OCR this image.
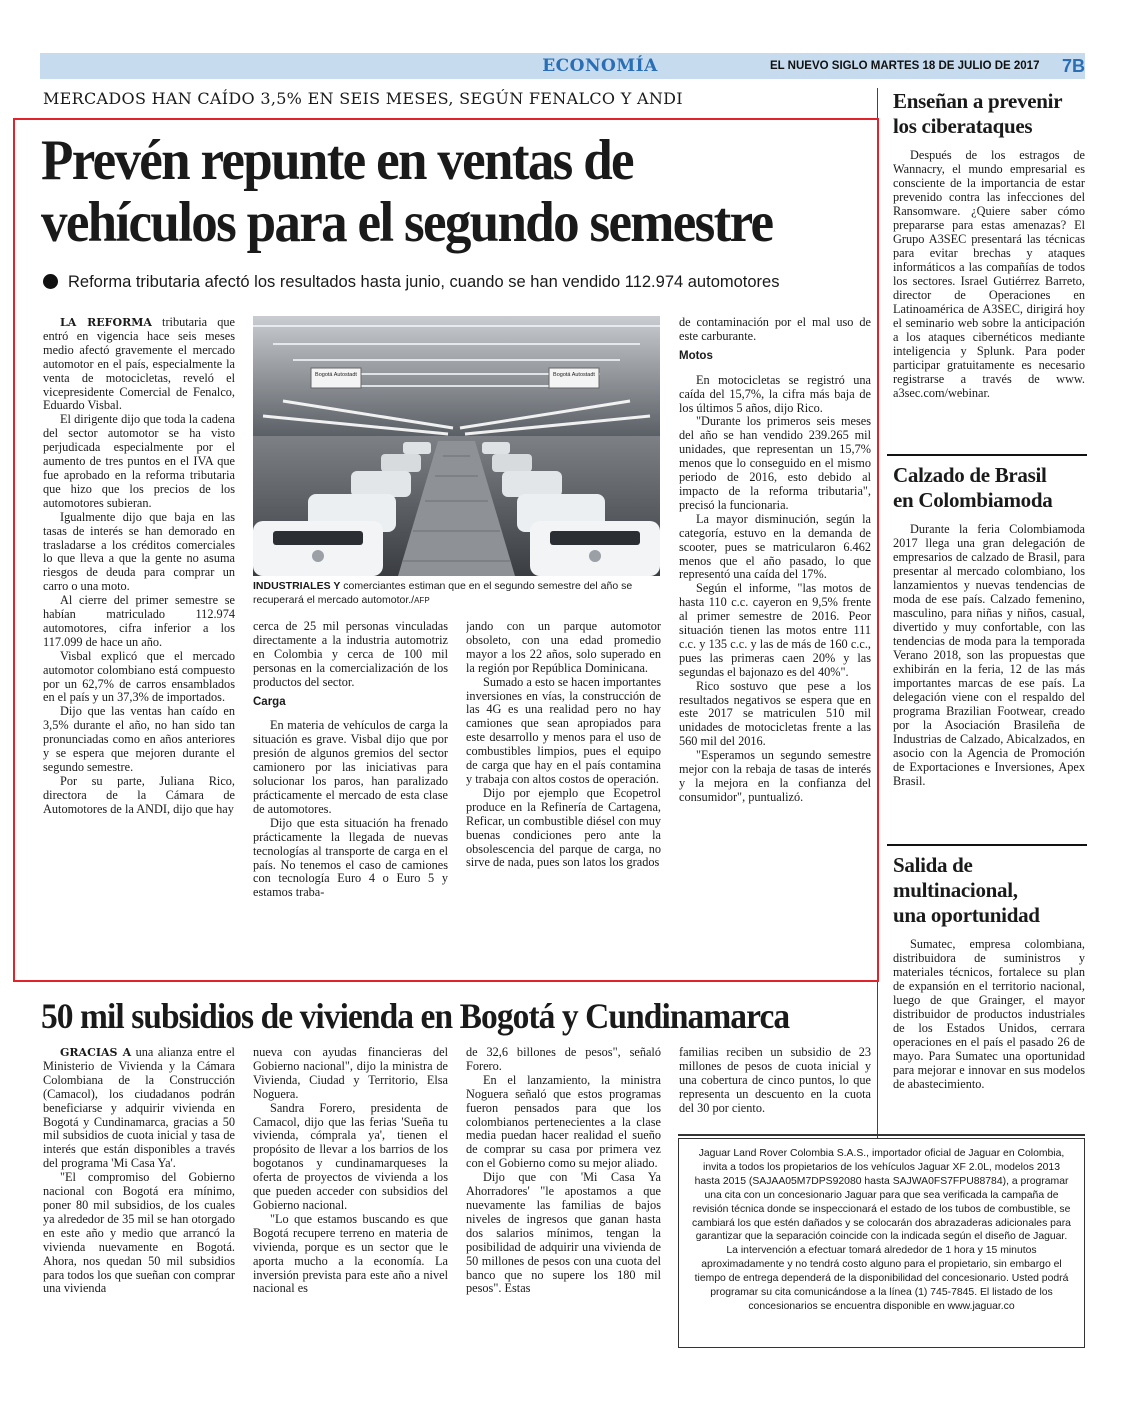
ECONOMÍA	EL NUEVO SIGLO MARTES 18 DE JULIO DE 2017 7B
MERCADOS HAN CAÍDO 3,5% EN SEIS MESES, SEGÚN FENALCO Y ANDI
Prevén repunte en ventas de
vehículos para el segundo semestre
Reforma tributaria afectó los resultados hasta junio, cuando se han vendido 112.974 automotores

LA REFORMA tributaria que entró en vigencia hace seis meses medio afectó gravemente el mercado automotor en el país, especialmente la venta de motocicletas, reveló el vicepresidente Comercial de Fenalco, Eduardo Visbal.

El dirigente dijo que toda la cadena del sector automotor se ha visto perjudicada especialmente por el aumento de tres puntos en el IVA que fue aprobado en la reforma tributaria que hizo que los precios de los automotores subieran.

Igualmente dijo que baja en las tasas de interés se han demorado en trasladarse a los créditos comerciales lo que lleva a que la gente no asuma riesgos de deuda para comprar un carro o una moto.

Al cierre del primer semestre se habían matriculado 112.974 automotores, cifra inferior a los 117.099 de hace un año.

Visbal explicó que el mercado automotor colombiano está compuesto por un 62,7% de carros ensamblados en el país y un 37,3% de importados.

Dijo que las ventas han caído en 3,5% durante el año, no han sido tan pronunciadas como en años anteriores y se espera que mejoren durante el segundo semestre.

Por su parte, Juliana Rico, directora de la Cámara de Automotores de la ANDI, dijo que hay

Bogotá Autostadt	Bogotá Autostadt
INDUSTRIALES Y comerciantes estiman que en el segundo semestre del año se recuperará el mercado automotor./AFP

cerca de 25 mil personas vinculadas directamente a la industria automotriz en Colombia y cerca de 100 mil personas en la comercialización de los productos del sector.

Carga

En materia de vehículos de carga la situación es grave. Visbal dijo que por presión de algunos gremios del sector camionero por las iniciativas para solucionar los paros, han paralizado prácticamente el mercado de esta clase de automotores.

Dijo que esta situación ha frenado prácticamente la llegada de nuevas tecnologías al transporte de carga en el país. No tenemos el caso de camiones con tecnología Euro 4 o Euro 5 y estamos traba-

jando con un parque automotor obsoleto, con una edad promedio mayor a los 22 años, solo superado en la región por República Dominicana.

Sumado a esto se hacen importantes inversiones en vías, la construcción de las 4G es una realidad pero no hay camiones que sean apropiados para este desarrollo y menos para el uso de combustibles limpios, pues el equipo de carga que hay en el país contamina y trabaja con altos costos de operación.

Dijo por ejemplo que Ecopetrol produce en la Refinería de Cartagena, Reficar, un combustible diésel con muy buenas condiciones pero ante la obsolescencia del parque de carga, no sirve de nada, pues son latos los grados

de contaminación por el mal uso de este carburante.

Motos

En motocicletas se registró una caída del 15,7%, la cifra más baja de los últimos 5 años, dijo Rico.

"Durante los primeros seis meses del año se han vendido 239.265 mil unidades, que representan un 15,7% menos que lo conseguido en el mismo periodo de 2016, esto debido al impacto de la reforma tributaria", precisó la funcionaria.

La mayor disminución, según la categoría, estuvo en la demanda de scooter, pues se matricularon 6.462 menos que el año pasado, lo que representó una caída del 17%.

Según el informe, "las motos de hasta 110 c.c. cayeron en 9,5% frente al primer semestre de 2016. Peor situación tienen las motos entre 111 c.c. y 135 c.c. y las de más de 160 c.c., pues las primeras caen 20% y las segundas el bajonazo es del 40%".

Rico sostuvo que pese a los resultados negativos se espera que en este 2017 se matriculen 510 mil unidades de motocicletas frente a las 560 mil del 2016.

"Esperamos un segundo semestre mejor con la rebaja de tasas de interés y la mejora en la confianza del consumidor", puntualizó.

Enseñan a prevenir
los ciberataques

Después de los estragos de Wannacry, el mundo empresarial es consciente de la importancia de estar prevenido contra las infecciones del Ransomware. ¿Quiere saber cómo prepararse para estas amenazas? El Grupo A3SEC presentará las técnicas para evitar brechas y ataques informáticos a las compañías de todos los sectores. Israel Gutiérrez Barreto, director de Operaciones en Latinoamérica de A3SEC, dirigirá hoy el seminario web sobre la anticipación a los ataques cibernéticos mediante inteligencia y Splunk. Para poder participar gratuitamente es necesario registrarse a través de www. a3sec.com/webinar.

Calzado de Brasil
en Colombiamoda

Durante la feria Colombiamoda 2017 llega una gran delegación de empresarios de calzado de Brasil, para presentar al mercado colombiano, los lanzamientos y nuevas tendencias de moda de ese país. Calzado femenino, masculino, para niñas y niños, casual, divertido y muy confortable, con las tendencias de moda para la temporada Verano 2018, son las propuestas que exhibirán en la feria, 12 de las más importantes marcas de ese país. La delegación viene con el respaldo del programa Brazilian Footwear, creado por la Asociación Brasileña de Industrias de Calzado, Abicalzados, en asocio con la Agencia de Promoción de Exportaciones e Inversiones, Apex Brasil.

Salida de
multinacional,
una oportunidad

Sumatec, empresa colombiana, distribuidora de suministros y materiales técnicos, fortalece su plan de expansión en el territorio nacional, luego de que Grainger, el mayor distribuidor de productos industriales de los Estados Unidos, cerrara operaciones en el país el pasado 26 de mayo. Para Sumatec una oportunidad para mejorar e innovar en sus modelos de abastecimiento.

50 mil subsidios de vivienda en Bogotá y Cundinamarca

GRACIAS A una alianza entre el Ministerio de Vivienda y la Cámara Colombiana de la Construcción (Camacol), los ciudadanos podrán beneficiarse y adquirir vivienda en Bogotá y Cundinamarca, gracias a 50 mil subsidios de cuota inicial y tasa de interés que están disponibles a través del programa 'Mi Casa Ya'.

"El compromiso del Gobierno nacional con Bogotá era mínimo, poner 80 mil subsidios, de los cuales ya alrededor de 35 mil se han otorgado en este año y medio que arrancó la vivienda nuevamente en Bogotá. Ahora, nos quedan 50 mil subsidios para todos los que sueñan con comprar una vivienda

nueva con ayudas financieras del Gobierno nacional", dijo la ministra de Vivienda, Ciudad y Territorio, Elsa Noguera.

Sandra Forero, presidenta de Camacol, dijo que las ferias 'Sueña tu vivienda, cómprala ya', tienen el propósito de llevar a los barrios de los bogotanos y cundinamarqueses la oferta de proyectos de vivienda a los que pueden acceder con subsidios del Gobierno nacional.

"Lo que estamos buscando es que Bogotá recupere terreno en materia de vivienda, porque es un sector que le aporta mucho a la economía. La inversión prevista para este año a nivel nacional es

de 32,6 billones de pesos", señaló Forero.

En el lanzamiento, la ministra Noguera señaló que estos programas fueron pensados para que los colombianos pertenecientes a la clase media puedan hacer realidad el sueño de comprar su casa por primera vez con el Gobierno como su mejor aliado.

Dijo que con 'Mi Casa Ya Ahorradores' "le apostamos a que nuevamente las familias de bajos niveles de ingresos que ganan hasta dos salarios mínimos, tengan la posibilidad de adquirir una vivienda de 50 millones de pesos con una cuota del banco que no supere los 180 mil pesos". Estas

familias reciben un subsidio de 23 millones de pesos de cuota inicial y una cobertura de cinco puntos, lo que representa un descuento en la cuota del 30 por ciento.

Jaguar Land Rover Colombia S.A.S., importador oficial de Jaguar en Colombia, invita a todos los propietarios de los vehículos Jaguar XF 2.0L, modelos 2013 hasta 2015 (SAJAA05M7DPS92080 hasta SAJWA0FS7FPU88784), a programar una cita con un concesionario Jaguar para que sea verificada la campaña de revisión técnica donde se inspeccionará el estado de los tubos de combustible, se cambiará los que estén dañados y se colocarán dos abrazaderas adicionales para garantizar que la separación coincide con la indicada según el diseño de Jaguar. La intervención a efectuar tomará alrededor de 1 hora y 15 minutos aproximadamente y no tendrá costo alguno para el propietario, sin embargo el tiempo de entrega dependerá de la disponibilidad del concesionario. Usted podrá programar su cita comunicándose a la línea (1) 745-7845. El listado de los concesionarios se encuentra disponible en www.jaguar.co
